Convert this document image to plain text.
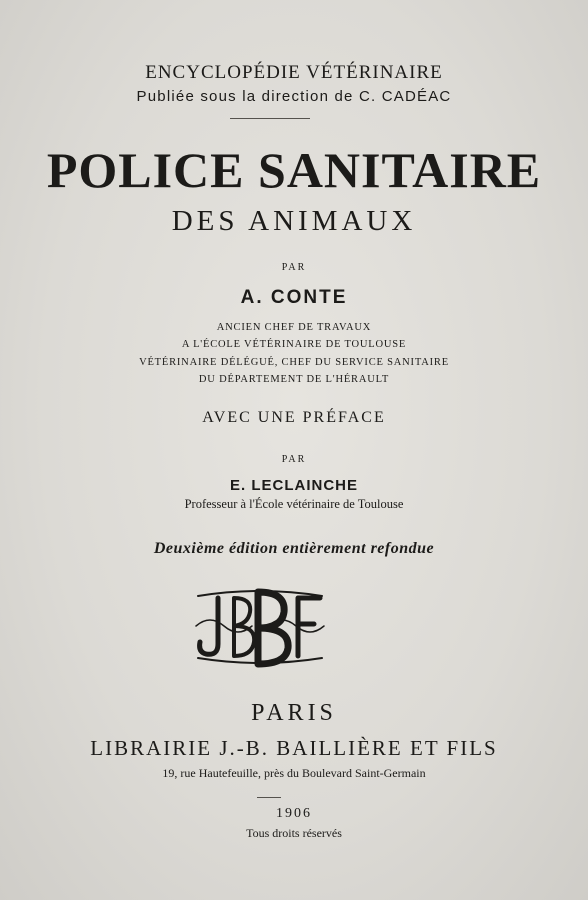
ENCYCLOPÉDIE VÉTÉRINAIRE
Publiée sous la direction de C. CADÉAC
POLICE SANITAIRE
DES ANIMAUX
PAR
A. CONTE
ANCIEN CHEF DE TRAVAUX
A L'ÉCOLE VÉTÉRINAIRE DE TOULOUSE
VÉTÉRINAIRE DÉLÉGUÉ, CHEF DU SERVICE SANITAIRE
DU DÉPARTEMENT DE L'HÉRAULT
AVEC UNE PRÉFACE
PAR
E. LECLAINCHE
Professeur à l'École vétérinaire de Toulouse
Deuxième édition entièrement refondue
PARIS
LIBRAIRIE J.-B. BAILLIÈRE ET FILS
19, rue Hautefeuille, près du Boulevard Saint-Germain
1906
Tous droits réservés
